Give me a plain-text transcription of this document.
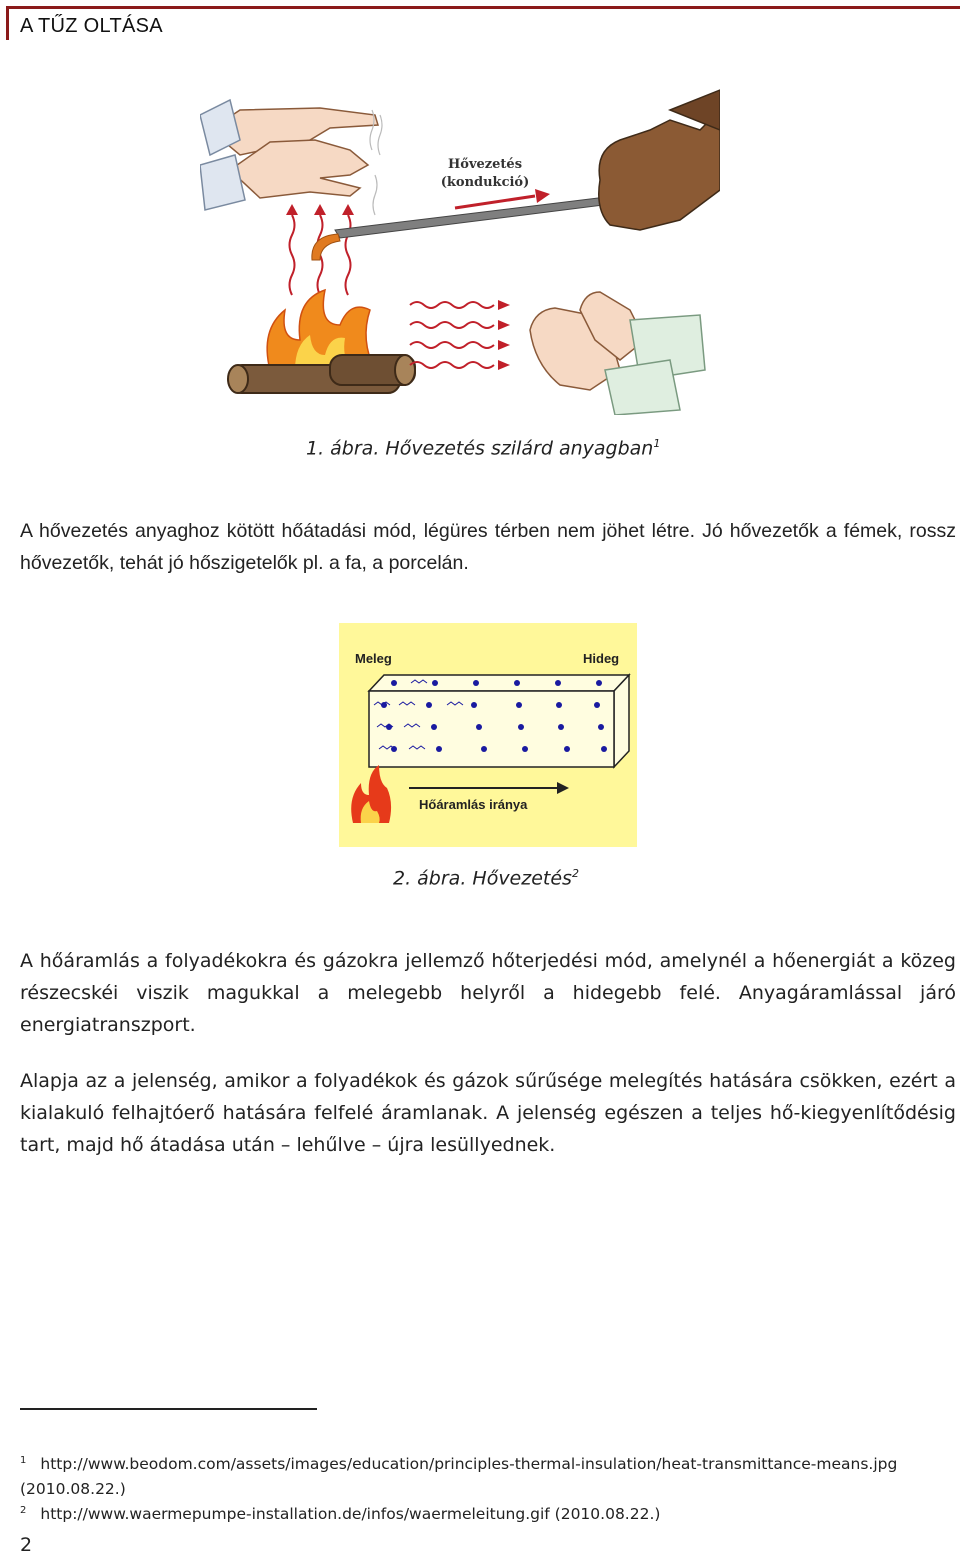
A TŰZ OLTÁSA
Hővezetés
(kondukció)
1. ábra. Hővezetés szilárd anyagban$^1$
A hővezetés anyaghoz kötött hőátadási mód, légüres térben nem jöhet létre. Jó hővezetők a fémek, rossz hővezetők, tehát jó hőszigetelők pl. a fa, a porcelán.
Meleg	Hideg
Hőáramlás iránya
2. ábra. Hővezetés$^2$
A hőáramlás a folyadékokra és gázokra jellemző hőterjedési mód, amelynél a hőenergiát a közeg részecskéi viszik magukkal a melegebb helyről a hidegebb felé. Anyagáramlással járó energiatranszport.
Alapja az a jelenség, amikor a folyadékok és gázok sűrűsége melegítés hatására csökken, ezért a kialakuló felhajtóerő hatására felfelé áramlanak. A jelenség egészen a teljes hő-kiegyenlítődésig tart, majd hő átadása után – lehűlve – újra lesüllyednek.
$^1$ http://www.beodom.com/assets/images/education/principles-thermal-insulation/heat-transmittance-means.jpg (2010.08.22.)
$^2$ http://www.waermepumpe-installation.de/infos/waermeleitung.gif (2010.08.22.)
2
